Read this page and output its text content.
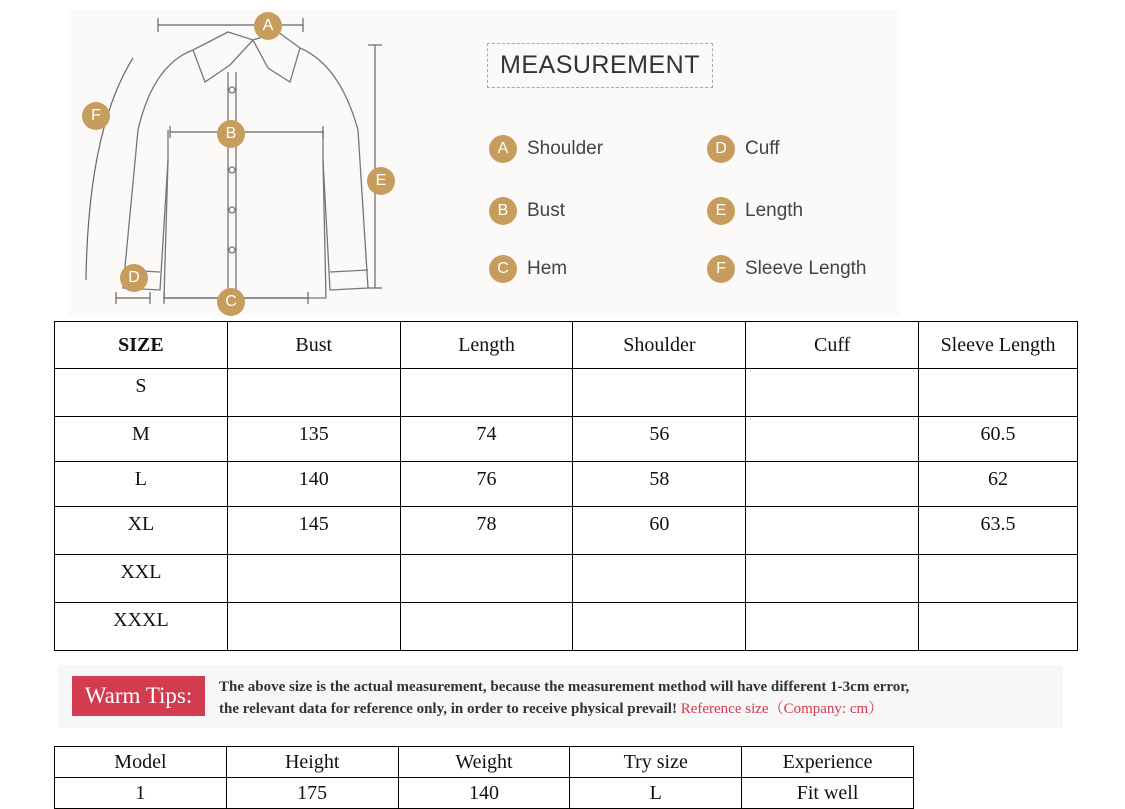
A
B
C
D
E
F
MEASUREMENT
A Shoulder
B Bust
C Hem
D Cuff
E Length
F	Sleeve Length
SIZE	Bust	Length	Shoulder	Cuff	Sleeve Length
S					
M	135	74	56		60.5
L	140	76	58		62
XL	145	78	60		63.5
XXL					
XXXL					
Warm Tips:	The above size is the actual measurement, because the measurement method will have different 1-3cm error,
the relevant data for reference only, in order to receive physical prevail! Reference size（Company: cm）
Model	Height	Weight	Try size	Experience
1	175	140	L	Fit well
